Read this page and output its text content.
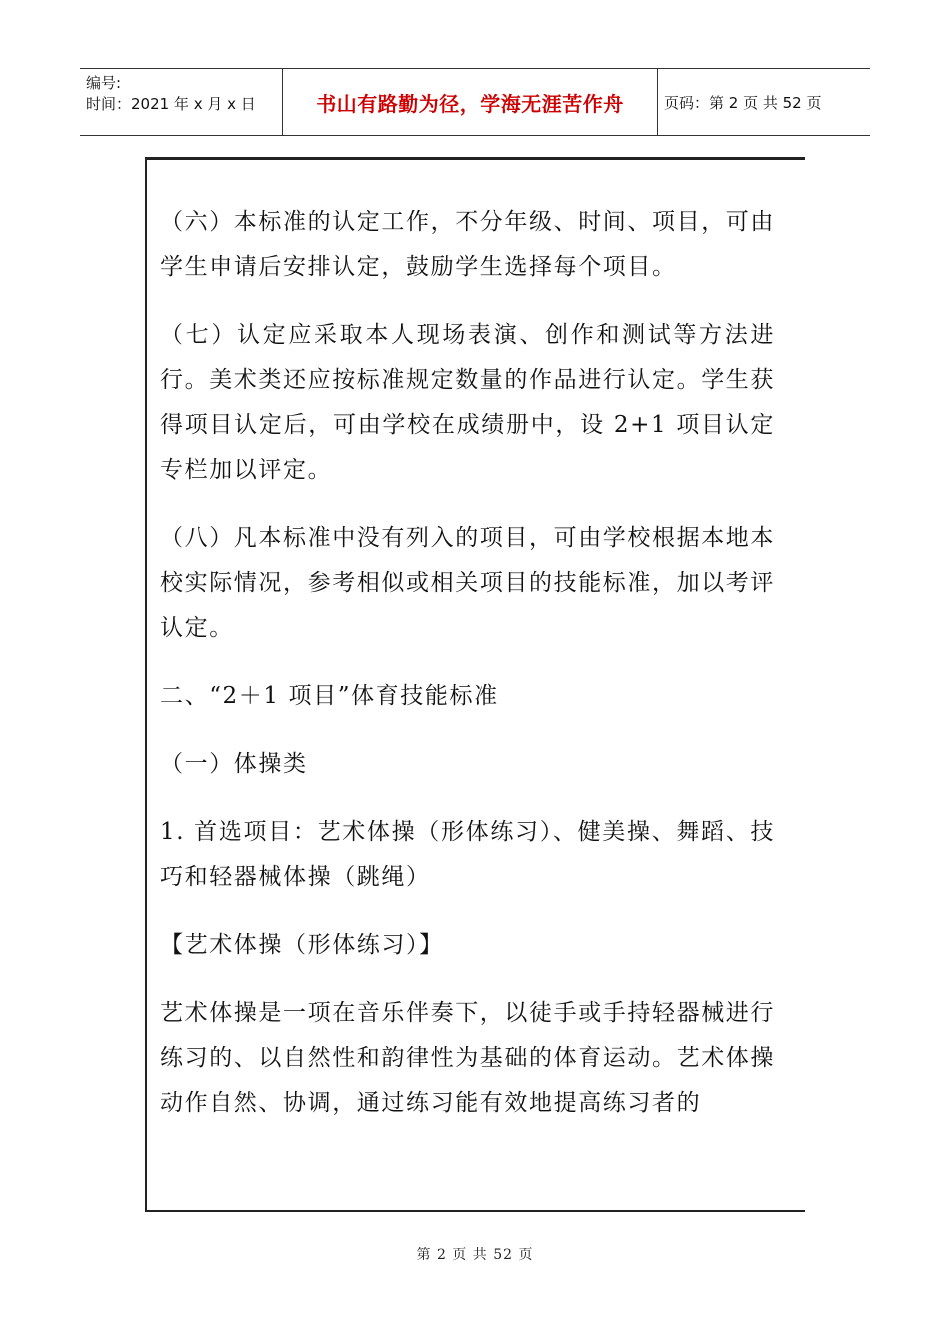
编号:
时间：2021 年 x 月 x 日	书山有路勤为径，学海无涯苦作舟	页码：第 2 页 共 52 页

（六）本标准的认定工作，不分年级、时间、项目，可由学生申请后安排认定，鼓励学生选择每个项目。

（七）认定应采取本人现场表演、创作和测试等方法进行。美术类还应按标准规定数量的作品进行认定。学生获得项目认定后，可由学校在成绩册中，设 2+1 项目认定专栏加以评定。

（八）凡本标准中没有列入的项目，可由学校根据本地本校实际情况，参考相似或相关项目的技能标准，加以考评认定。

二、“2＋1 项目”体育技能标准

（一）体操类

1. 首选项目：艺术体操（形体练习）、健美操、舞蹈、技巧和轻器械体操（跳绳）

【艺术体操（形体练习）】

艺术体操是一项在音乐伴奏下，以徒手或手持轻器械进行练习的、以自然性和韵律性为基础的体育运动。艺术体操动作自然、协调，通过练习能有效地提高练习者的

第 2 页 共 52 页
